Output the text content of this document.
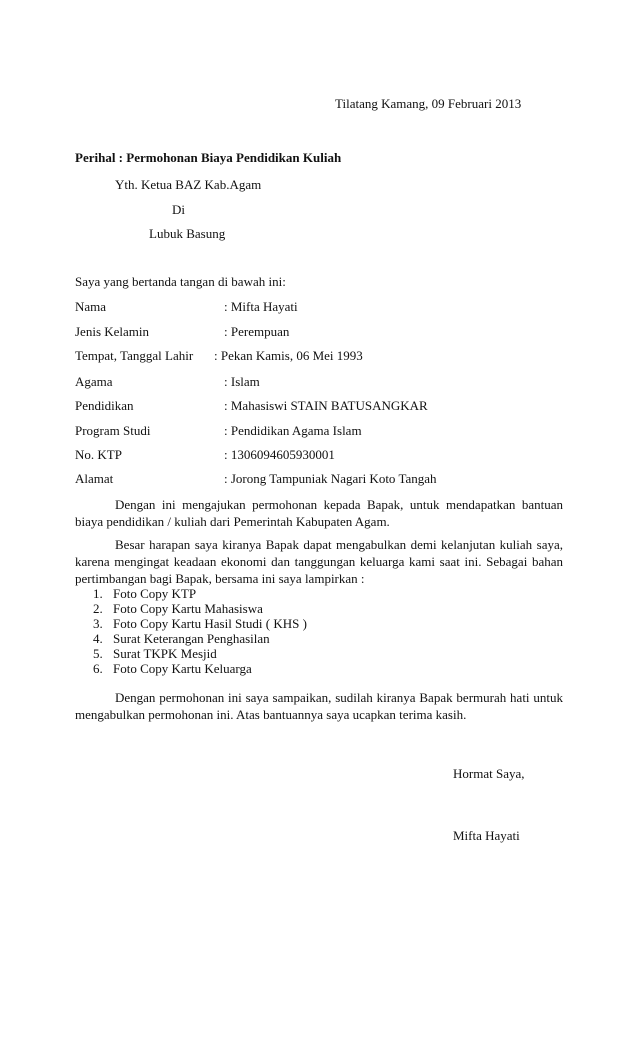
Tilatang Kamang, 09 Februari 2013
Perihal : Permohonan Biaya Pendidikan Kuliah
Yth. Ketua BAZ Kab.Agam
Di
Lubuk Basung
Saya yang bertanda tangan di bawah ini:
Nama	: Mifta Hayati
Jenis Kelamin	: Perempuan
Tempat, Tanggal Lahir : Pekan Kamis, 06 Mei 1993
Agama	: Islam
Pendidikan	: Mahasiswi STAIN BATUSANGKAR
Program Studi	: Pendidikan Agama Islam
No. KTP	: 1306094605930001
Alamat	: Jorong Tampuniak Nagari Koto Tangah
Dengan ini mengajukan permohonan kepada Bapak, untuk mendapatkan bantuan biaya pendidikan / kuliah dari Pemerintah Kabupaten Agam.
Besar harapan saya kiranya Bapak dapat mengabulkan demi kelanjutan kuliah saya, karena mengingat keadaan ekonomi dan tanggungan keluarga kami saat ini. Sebagai bahan pertimbangan bagi Bapak, bersama ini saya lampirkan :
1. Foto Copy KTP
2. Foto Copy Kartu Mahasiswa
3. Foto Copy Kartu Hasil Studi ( KHS )
4. Surat Keterangan Penghasilan
5. Surat TKPK Mesjid
6. Foto Copy Kartu Keluarga
Dengan permohonan ini saya sampaikan, sudilah kiranya Bapak bermurah hati untuk mengabulkan permohonan ini. Atas bantuannya saya ucapkan terima kasih.
Hormat Saya,
Mifta Hayati
